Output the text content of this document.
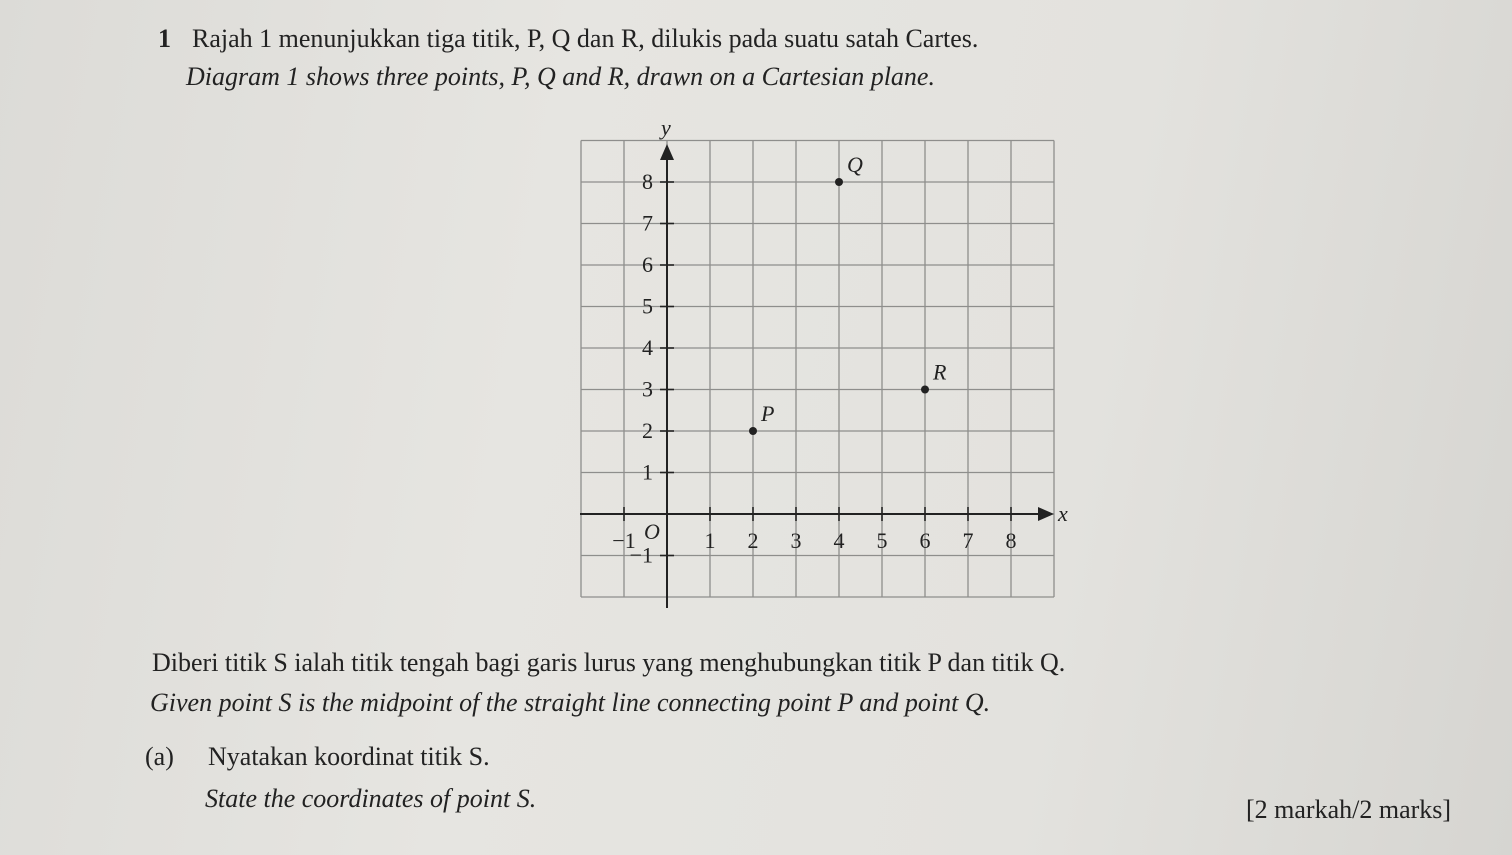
1 Rajah 1 menunjukkan tiga titik, P, Q dan R, dilukis pada suatu satah Cartes.
Diagram 1 shows three points, P, Q and R, drawn on a Cartesian plane.
x
y
O
−1	1 2 3 4 5 6 7 8
8
7
6
5
4
3
2
1
−1
P
Q
R
Diberi titik S ialah titik tengah bagi garis lurus yang menghubungkan titik P dan titik Q.
Given point S is the midpoint of the straight line connecting point P and point Q.
(a) Nyatakan koordinat titik S.
State the coordinates of point S.	[2 markah/2 marks]
